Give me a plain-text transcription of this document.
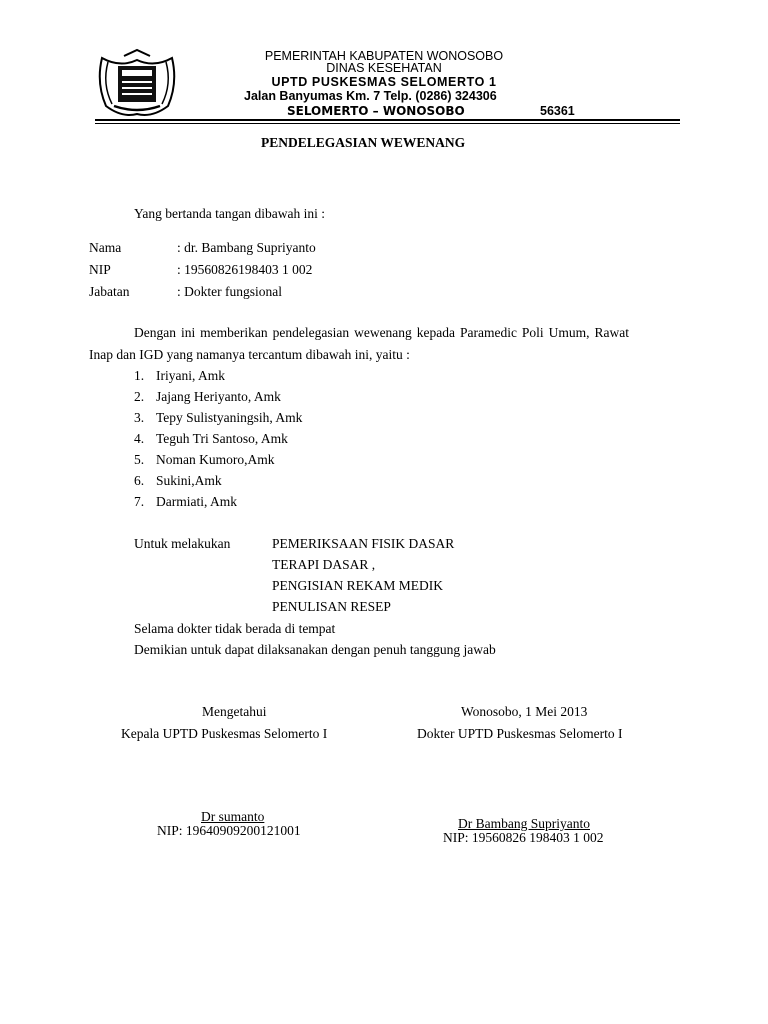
PEMERINTAH KABUPATEN WONOSOBO
DINAS KESEHATAN
UPTD PUSKESMAS SELOMERTO 1
Jalan Banyumas Km. 7 Telp. (0286) 324306
SELOMERTO – WONOSOBO	56361
PENDELEGASIAN WEWENANG
Yang bertanda tangan dibawah ini :
Nama	: dr. Bambang Supriyanto
NIP	: 19560826198403 1 002
Jabatan	: Dokter fungsional
Dengan ini memberikan pendelegasian wewenang kepada Paramedic Poli Umum, Rawat
Inap dan IGD yang namanya tercantum dibawah ini, yaitu :
1. Iriyani, Amk
2. Jajang Heriyanto, Amk
3. Tepy Sulistyaningsih, Amk
4. Teguh Tri Santoso, Amk
5. Noman Kumoro,Amk
6. Sukini,Amk
7. Darmiati, Amk
Untuk melakukan	PEMERIKSAAN FISIK DASAR
TERAPI DASAR ,
PENGISIAN REKAM MEDIK
PENULISAN RESEP
Selama dokter tidak berada di tempat
Demikian untuk dapat dilaksanakan dengan penuh tanggung jawab
Mengetahui
Kepala UPTD Puskesmas Selomerto I
Dr sumanto
NIP: 19640909200121001
Wonosobo, 1 Mei 2013
Dokter UPTD Puskesmas Selomerto I
Dr Bambang Supriyanto
NIP: 19560826 198403 1 002
